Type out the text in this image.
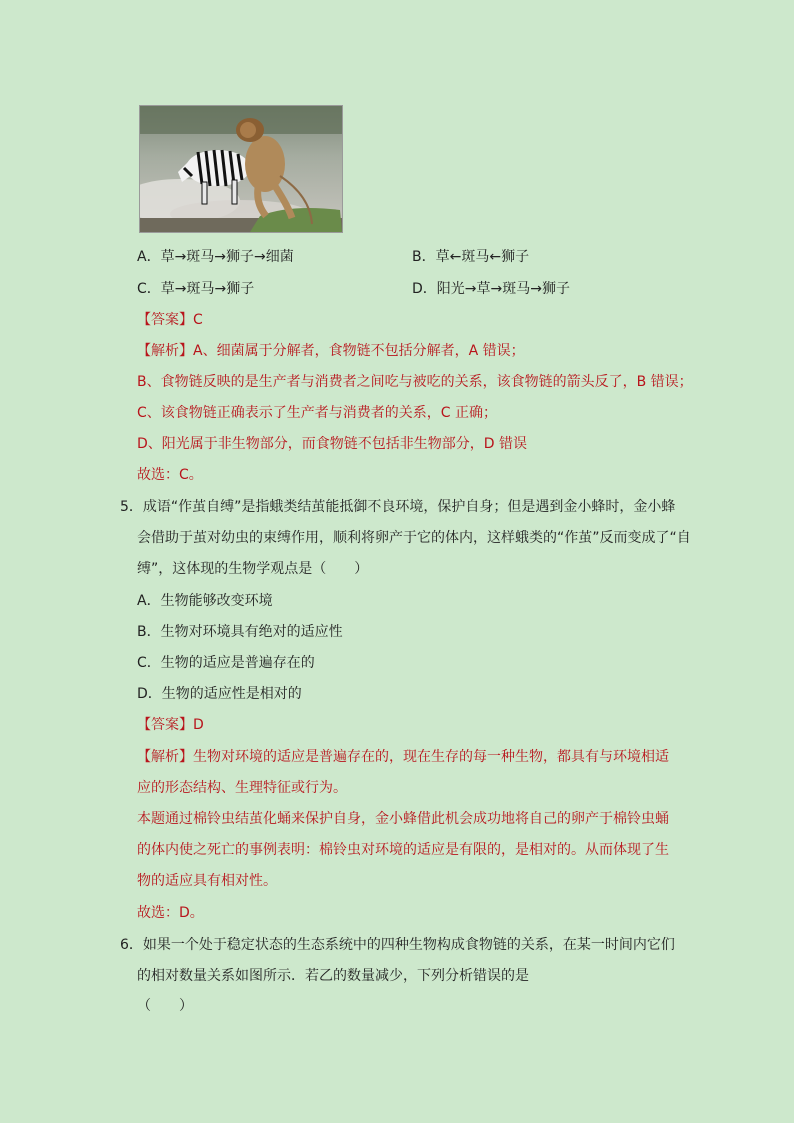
A．草→斑马→狮子→细菌	B．草←斑马←狮子
C．草→斑马→狮子	D．阳光→草→斑马→狮子
【答案】C
【解析】A、细菌属于分解者，食物链不包括分解者，A 错误；
B、食物链反映的是生产者与消费者之间吃与被吃的关系，该食物链的箭头反了，B 错误；
C、该食物链正确表示了生产者与消费者的关系，C 正确；
D、阳光属于非生物部分，而食物链不包括非生物部分，D 错误
故选：C。
5．成语“作茧自缚”是指蛾类结茧能抵御不良环境，保护自身；但是遇到金小蜂时，金小蜂
会借助于茧对幼虫的束缚作用，顺利将卵产于它的体内，这样蛾类的“作茧”反而变成了“自
缚”，这体现的生物学观点是（　　）
A．生物能够改变环境
B．生物对环境具有绝对的适应性
C．生物的适应是普遍存在的
D．生物的适应性是相对的
【答案】D
【解析】生物对环境的适应是普遍存在的，现在生存的每一种生物，都具有与环境相适
应的形态结构、生理特征或行为。
本题通过棉铃虫结茧化蛹来保护自身，金小蜂借此机会成功地将自己的卵产于棉铃虫蛹
的体内使之死亡的事例表明：棉铃虫对环境的适应是有限的，是相对的。从而体现了生
物的适应具有相对性。
故选：D。
6．如果一个处于稳定状态的生态系统中的四种生物构成食物链的关系，在某一时间内它们
的相对数量关系如图所示．若乙的数量减少，下列分析错误的是
（　　）
